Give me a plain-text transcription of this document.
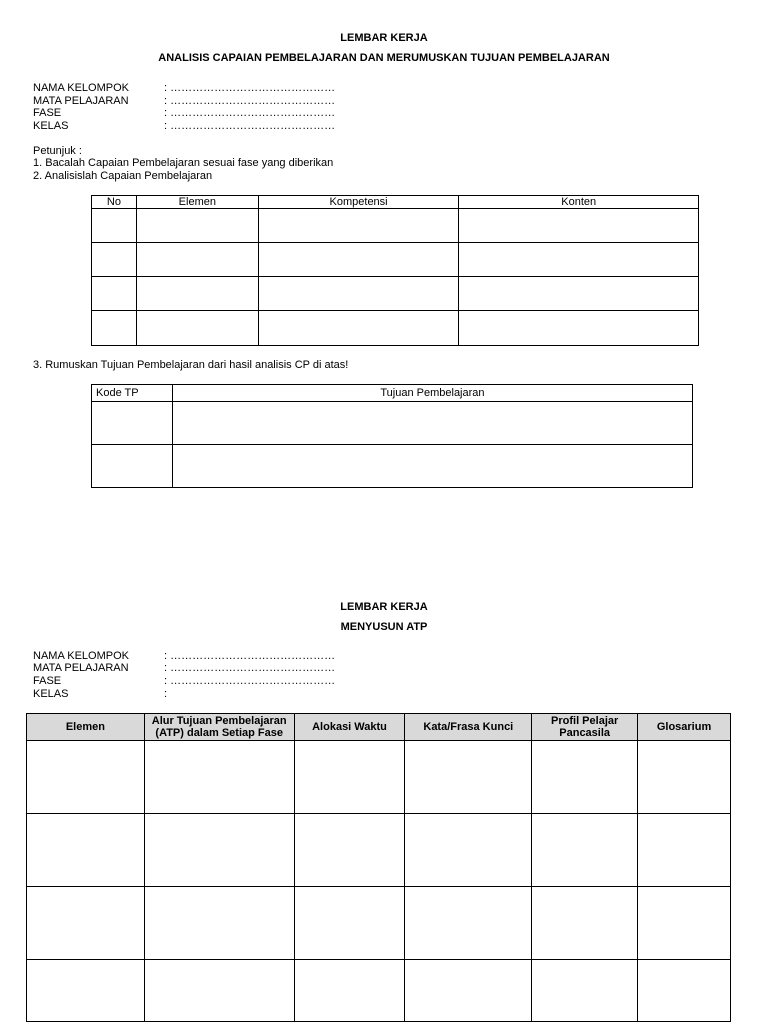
LEMBAR KERJA
ANALISIS CAPAIAN PEMBELAJARAN DAN MERUMUSKAN TUJUAN PEMBELAJARAN
NAMA KELOMPOK	: ………………………………………
MATA PELAJARAN	: ………………………………………
FASE	: ………………………………………
KELAS	: ………………………………………
Petunjuk :
1. Bacalah Capaian Pembelajaran sesuai fase yang diberikan
2. Analisislah Capaian Pembelajaran
No	Elemen	Kompetensi	Konten

3. Rumuskan Tujuan Pembelajaran dari hasil analisis CP di atas!
Kode TP	Tujuan Pembelajaran

LEMBAR KERJA
MENYUSUN ATP
NAMA KELOMPOK	: ………………………………………
MATA PELAJARAN	: ………………………………………
FASE	: ………………………………………
KELAS	:
Elemen	Alur Tujuan Pembelajaran (ATP) dalam Setiap Fase	Alokasi Waktu	Kata/Frasa Kunci	Profil Pelajar Pancasila	Glosarium
